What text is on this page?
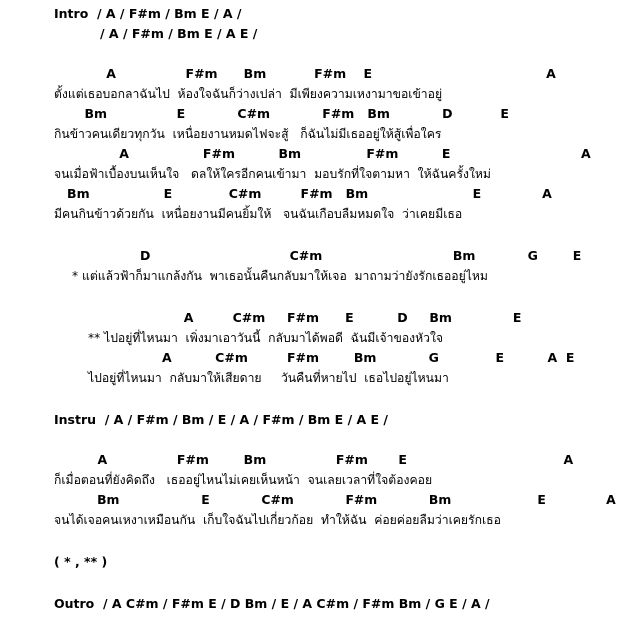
Intro  / A / F#m / Bm E / A /
/ A / F#m / Bm E / A E /
A                F#m      Bm           F#m    E                                        A
ตั้งแต่เธอบอกลาฉันไป  ห้องใจฉันก็ว่างเปล่า  มีเพียงความเหงามาขอเข้าอยู่
Bm                E            C#m            F#m   Bm            D           E
กินข้าวคนเดียวทุกวัน  เหนื่อยงานหมดไฟจะสู้   ก็ฉันไม่มีเธออยู่ให้สู้เพื่อใคร
A                 F#m          Bm               F#m          E                              A
จนเมื่อฟ้าเบื้องบนเห็นใจ   ดลให้ใครอีกคนเข้ามา  มอบรักที่ใจตามหา  ให้ฉันครั้งใหม่
Bm                 E             C#m         F#m   Bm                        E              A
มีคนกินข้าวด้วยกัน  เหนื่อยงานมีคนยิ้มให้   จนฉันเกือบลืมหมดใจ  ว่าเคยมีเธอ
D                                C#m                              Bm            G        E
* แต่แล้วฟ้าก็มาแกล้งกัน  พาเธอนั้นคืนกลับมาให้เจอ  มาถามว่ายังรักเธออยู่ไหม
A         C#m     F#m      E          D     Bm              E
** ไปอยู่ที่ไหนมา  เพิ่งมาเอาวันนี้  กลับมาได้พอดี  ฉันมีเจ้าของหัวใจ
A          C#m         F#m        Bm            G             E          A  E
ไปอยู่ที่ไหนมา  กลับมาให้เสียดาย     วันคืนที่หายไป  เธอไปอยู่ไหนมา
Instru  / A / F#m / Bm / E / A / F#m / Bm E / A E /
A                F#m        Bm                F#m       E                                    A
ก็เมื่อตอนที่ยังคิดถึง   เธออยู่ไหนไม่เคยเห็นหน้า  จนเลยเวลาที่ใจต้องคอย
Bm                   E            C#m            F#m            Bm                    E              A
จนได้เจอคนเหงาเหมือนกัน  เก็บใจฉันไปเกี่ยวก้อย  ทำให้ฉัน  ค่อยค่อยลืมว่าเคยรักเธอ
( * , ** )
Outro  / A C#m / F#m E / D Bm / E / A C#m / F#m Bm / G E / A /
